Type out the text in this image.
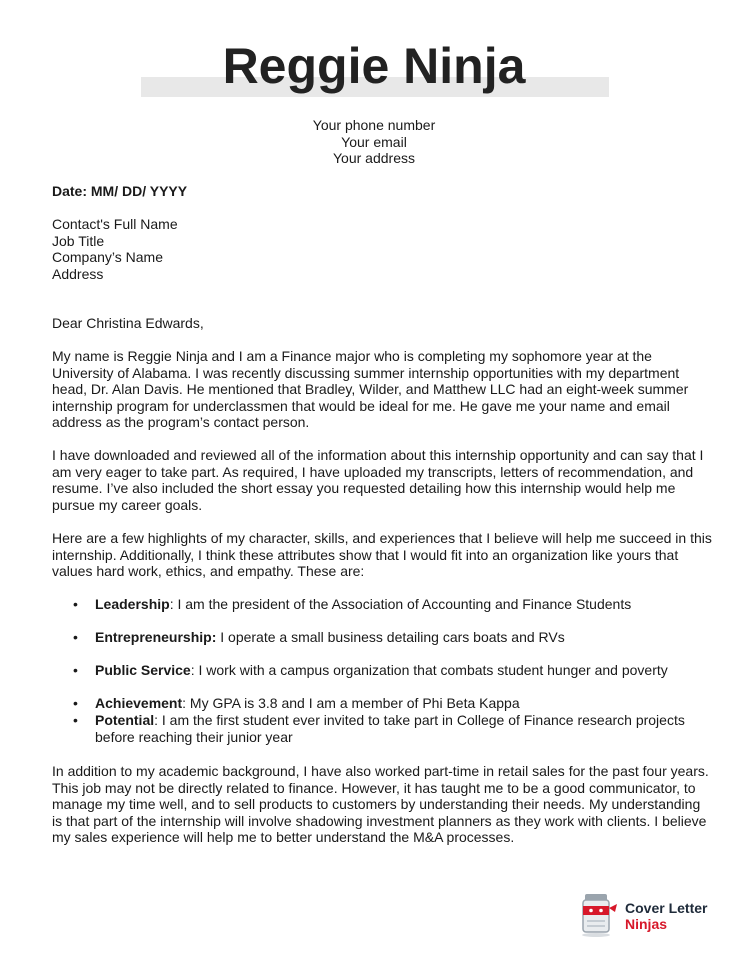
Reggie Ninja
Your phone number
Your email
Your address
Date: MM/ DD/ YYYY
Contact's Full Name
Job Title
Company’s Name
Address
Dear Christina Edwards,
My name is Reggie Ninja and I am a Finance major who is completing my sophomore year at the University of Alabama. I was recently discussing summer internship opportunities with my department head, Dr. Alan Davis. He mentioned that Bradley, Wilder, and Matthew LLC had an eight-week summer internship program for underclassmen that would be ideal for me. He gave me your name and email address as the program’s contact person.
I have downloaded and reviewed all of the information about this internship opportunity and can say that I am very eager to take part. As required, I have uploaded my transcripts, letters of recommendation, and resume. I’ve also included the short essay you requested detailing how this internship would help me pursue my career goals.
Here are a few highlights of my character, skills, and experiences that I believe will help me succeed in this internship. Additionally, I think these attributes show that I would fit into an organization like yours that values hard work, ethics, and empathy. These are:
• Leadership: I am the president of the Association of Accounting and Finance Students
• Entrepreneurship: I operate a small business detailing cars boats and RVs
• Public Service: I work with a campus organization that combats student hunger and poverty
• Achievement: My GPA is 3.8 and I am a member of Phi Beta Kappa
• Potential: I am the first student ever invited to take part in College of Finance research projects before reaching their junior year
In addition to my academic background, I have also worked part-time in retail sales for the past four years. This job may not be directly related to finance. However, it has taught me to be a good communicator, to manage my time well, and to sell products to customers by understanding their needs. My understanding is that part of the internship will involve shadowing investment planners as they work with clients. I believe my sales experience will help me to better understand the M&A processes.
Cover Letter
Ninjas
